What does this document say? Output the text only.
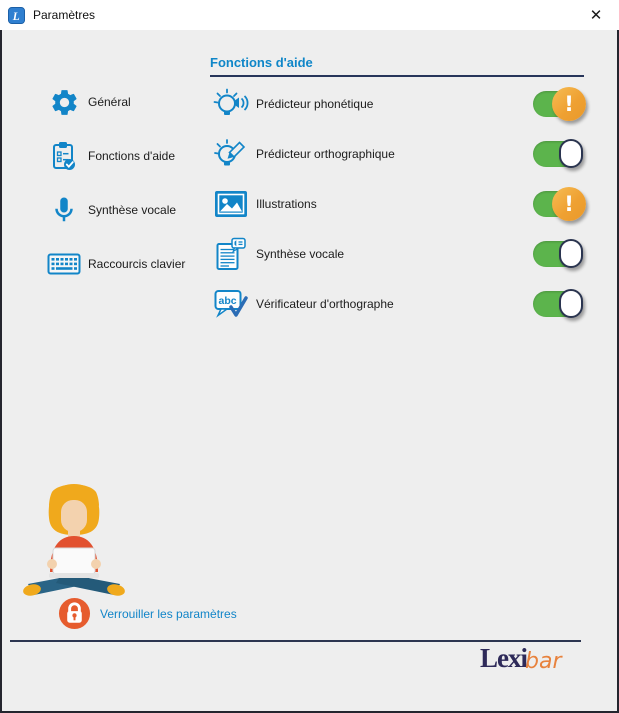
L Paramètres	✕
Général
Fonctions d'aide
Synthèse vocale
Raccourcis clavier
Fonctions d'aide
Prédicteur phonétique	!
Prédicteur orthographique
Illustrations	!
Synthèse vocale
abc Vérificateur d'orthographe
Verrouiller les paramètres
Lexibar
